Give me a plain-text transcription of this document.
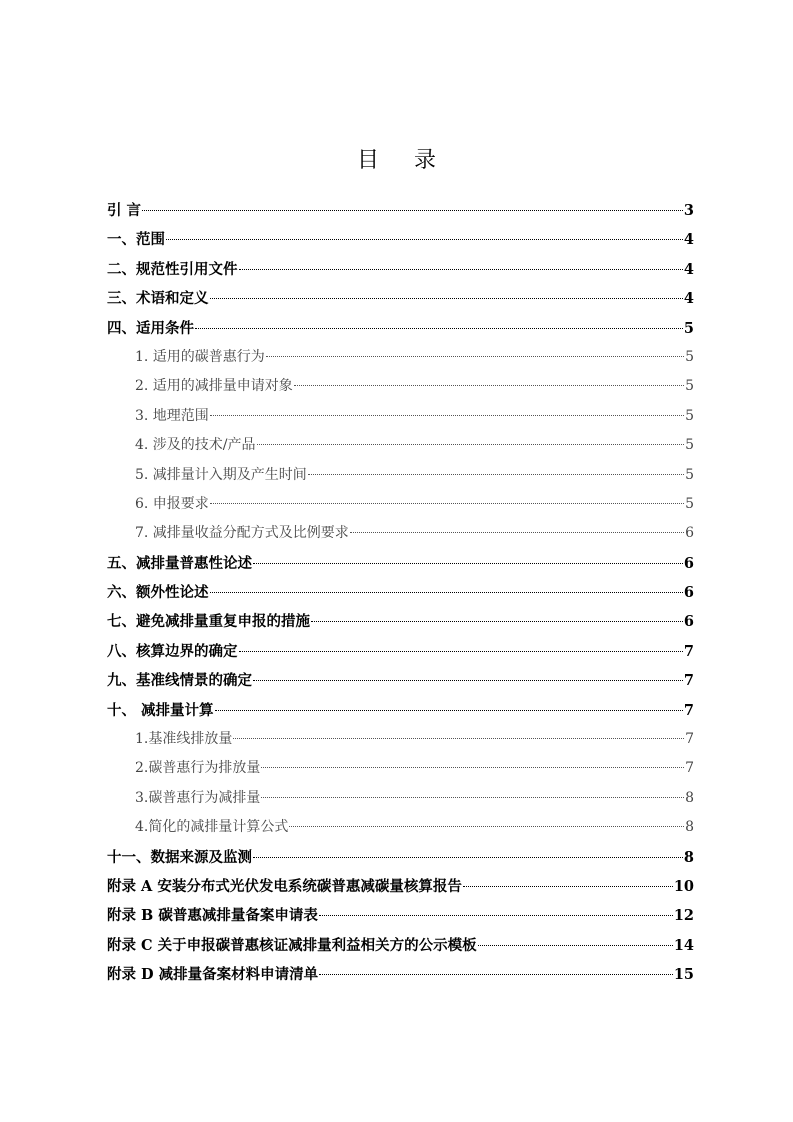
目 录
引 言	3
一、范围	4
二、规范性引用文件	4
三、术语和定义	4
四、适用条件	5
1. 适用的碳普惠行为	5
2. 适用的减排量申请对象	5
3. 地理范围	5
4. 涉及的技术/产品	5
5. 减排量计入期及产生时间	5
6. 申报要求	5
7. 减排量收益分配方式及比例要求	6
五、减排量普惠性论述	6
六、额外性论述	6
七、避免减排量重复申报的措施	6
八、核算边界的确定	7
九、基准线情景的确定	7
十、 减排量计算	7
1.基准线排放量	7
2.碳普惠行为排放量	7
3.碳普惠行为减排量	8
4.简化的减排量计算公式	8
十一、数据来源及监测	8
附录 A 安装分布式光伏发电系统碳普惠减碳量核算报告	10
附录 B 碳普惠减排量备案申请表	12
附录 C 关于申报碳普惠核证减排量利益相关方的公示模板	14
附录 D 减排量备案材料申请清单	15
